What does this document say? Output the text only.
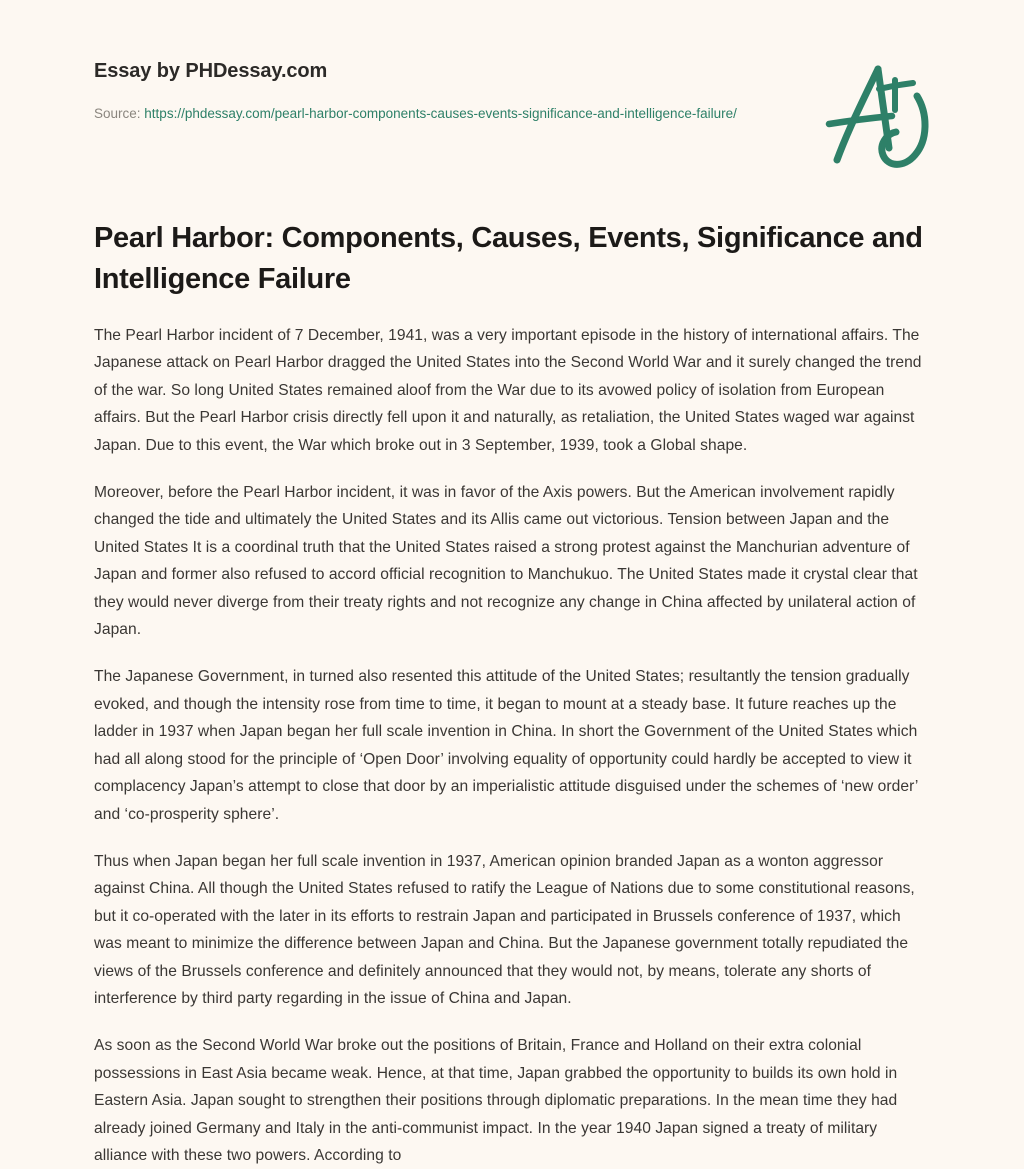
Essay by PHDessay.com
Source: https://phdessay.com/pearl-harbor-components-causes-events-significance-and-intelligence-failure/
Pearl Harbor: Components, Causes, Events, Significance and Intelligence Failure

The Pearl Harbor incident of 7 December, 1941, was a very important episode in the history of international affairs. The Japanese attack on Pearl Harbor dragged the United States into the Second World War and it surely changed the trend of the war. So long United States remained aloof from the War due to its avowed policy of isolation from European affairs. But the Pearl Harbor crisis directly fell upon it and naturally, as retaliation, the United States waged war against Japan. Due to this event, the War which broke out in 3 September, 1939, took a Global shape.

Moreover, before the Pearl Harbor incident, it was in favor of the Axis powers. But the American involvement rapidly changed the tide and ultimately the United States and its Allis came out victorious. Tension between Japan and the United States It is a coordinal truth that the United States raised a strong protest against the Manchurian adventure of Japan and former also refused to accord official recognition to Manchukuo. The United States made it crystal clear that they would never diverge from their treaty rights and not recognize any change in China affected by unilateral action of Japan.

The Japanese Government, in turned also resented this attitude of the United States; resultantly the tension gradually evoked, and though the intensity rose from time to time, it began to mount at a steady base. It future reaches up the ladder in 1937 when Japan began her full scale invention in China. In short the Government of the United States which had all along stood for the principle of ‘Open Door’ involving equality of opportunity could hardly be accepted to view it complacency Japan’s attempt to close that door by an imperialistic attitude disguised under the schemes of ‘new order’ and ‘co-prosperity sphere’.

Thus when Japan began her full scale invention in 1937, American opinion branded Japan as a wonton aggressor against China. All though the United States refused to ratify the League of Nations due to some constitutional reasons, but it co-operated with the later in its efforts to restrain Japan and participated in Brussels conference of 1937, which was meant to minimize the difference between Japan and China. But the Japanese government totally repudiated the views of the Brussels conference and definitely announced that they would not, by means, tolerate any shorts of interference by third party regarding in the issue of China and Japan.

As soon as the Second World War broke out the positions of Britain, France and Holland on their extra colonial possessions in East Asia became weak. Hence, at that time, Japan grabbed the opportunity to builds its own hold in Eastern Asia. Japan sought to strengthen their positions through diplomatic preparations. In the mean time they had already joined Germany and Italy in the anti-communist impact. In the year 1940 Japan signed a treaty of military alliance with these two powers. According to
